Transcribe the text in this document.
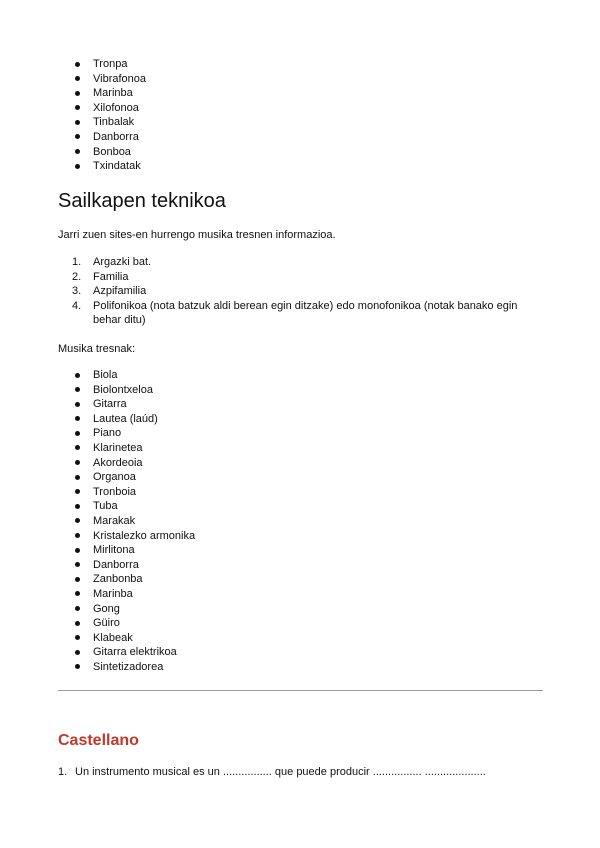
Tronpa
Vibrafonoa
Marinba
Xilofonoa
Tinbalak
Danborra
Bonboa
Txindatak
Sailkapen teknikoa

Jarri zuen sites-en hurrengo musika tresnen informazioa.

1. Argazki bat.
2. Familia
3. Azpifamilia
4. Polifonikoa (nota batzuk aldi berean egin ditzake) edo monofonikoa (notak banako egin behar ditu)

Musika tresnak:

Biola
Biolontxeloa
Gitarra
Lautea (laúd)
Piano
Klarinetea
Akordeoia
Organoa
Tronboia
Tuba
Marakak
Kristalezko armonika
Mirlitona
Danborra
Zanbonba
Marinba
Gong
Güiro
Klabeak
Gitarra elektrikoa
Sintetizadorea
Castellano

1. Un instrumento musical es un ................ que puede producir ................ ....................
